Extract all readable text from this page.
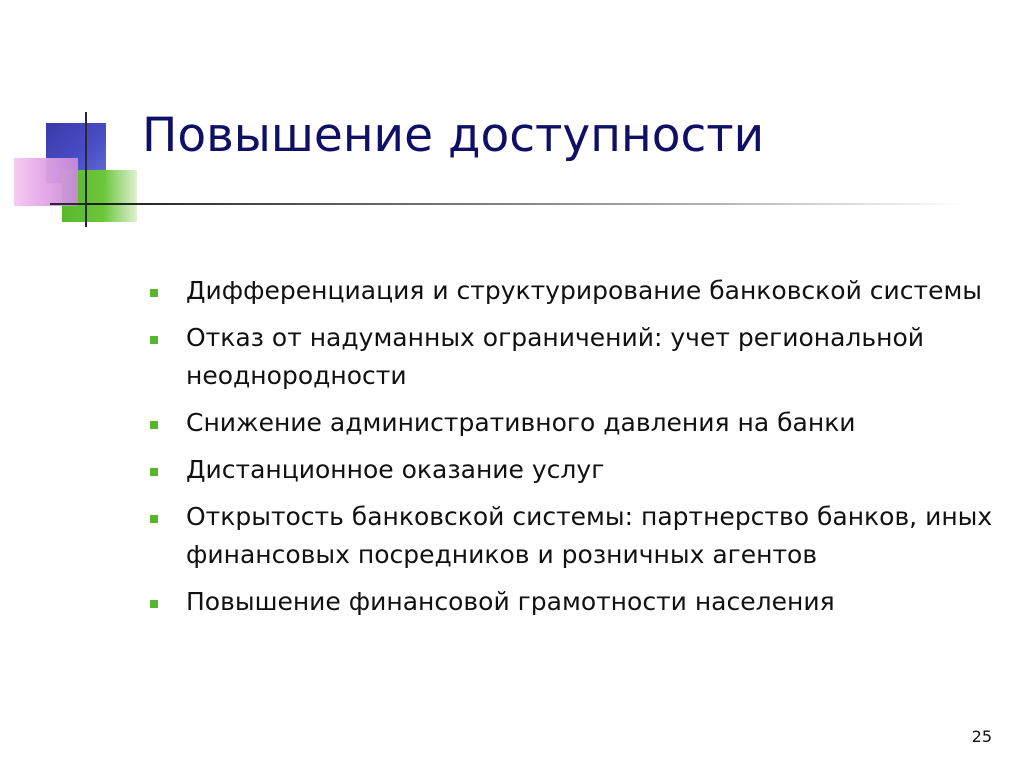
Повышение доступности
Дифференциация и структурирование банковской системы
Отказ от надуманных ограничений: учет региональной неоднородности
Снижение административного давления на банки
Дистанционное оказание услуг
Открытость банковской системы: партнерство банков, иных финансовых посредников и розничных агентов
Повышение финансовой грамотности населения
25
